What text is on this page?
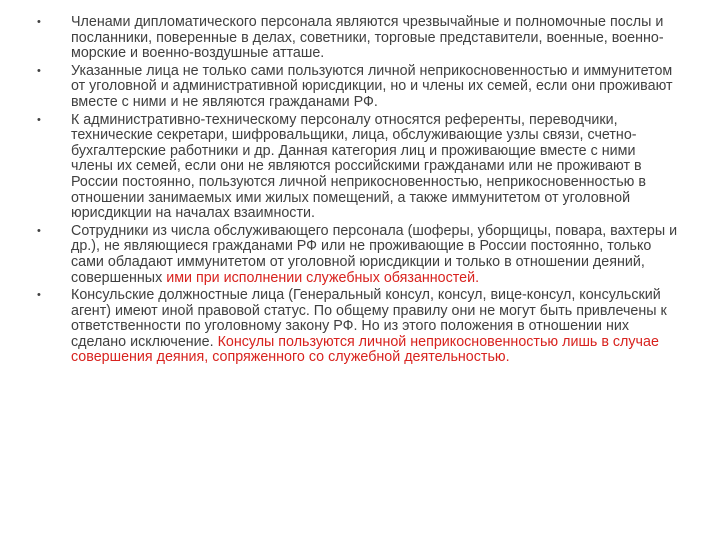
•	Членами дипломатического персонала являются чрезвычайные и полномочные послы и посланники, поверенные в делах, советники, торговые представители, военные, военно-морские и военно-воздушные атташе.
•	Указанные лица не только сами пользуются личной неприкосновенностью и иммунитетом от уголовной и административной юрисдикции, но и члены их семей, если они проживают вместе с ними и не являются гражданами РФ.
•	К административно-техническому персоналу относятся референты, переводчики, технические секретари, шифровальщики, лица, обслуживающие узлы связи, счетно-бухгалтерские работники и др. Данная категория лиц и проживающие вместе с ними члены их семей, если они не являются российскими гражданами или не проживают в России постоянно, пользуются личной неприкосновенностью, неприкосновенностью в отношении занимаемых ими жилых помещений, а также иммунитетом от уголовной юрисдикции на началах взаимности.
•	Сотрудники из числа обслуживающего персонала (шоферы, уборщицы, повара, вахтеры и др.), не являющиеся гражданами РФ или не проживающие в России постоянно, только сами обладают иммунитетом от уголовной юрисдикции и только в отношении деяний, совершенных ими при исполнении служебных обязанностей.
•	Консульские должностные лица (Генеральный консул, консул, вице-консул, консульский агент) имеют иной правовой статус. По общему правилу они не могут быть привлечены к ответственности по уголовному закону РФ. Но из этого положения в отношении них сделано исключение. Консулы пользуются личной неприкосновенностью лишь в случае совершения деяния, сопряженного со служебной деятельностью.
